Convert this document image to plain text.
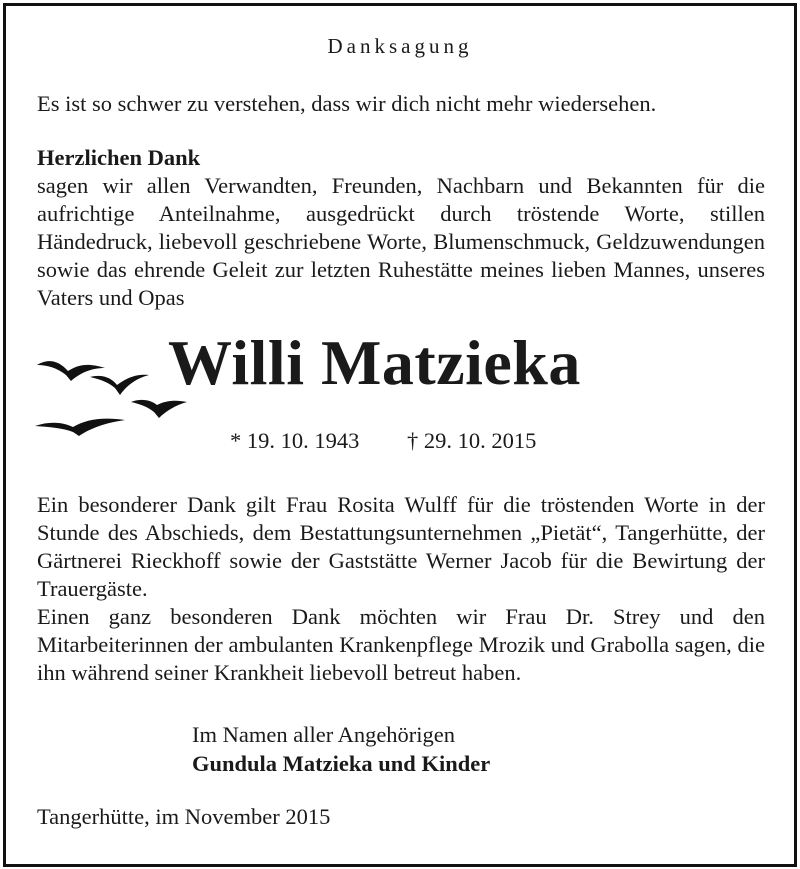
Danksagung
Es ist so schwer zu verstehen, dass wir dich nicht mehr wiedersehen.
Herzlichen Dank
sagen wir allen Verwandten, Freunden, Nachbarn und Bekannten für die aufrichtige Anteilnahme, ausgedrückt durch tröstende Worte, stillen Händedruck, liebevoll geschriebene Worte, Blumenschmuck, Geldzuwendungen sowie das ehrende Geleit zur letzten Ruhestätte meines lieben Mannes, unseres Vaters und Opas
Willi Matzieka
* 19. 10. 1943 † 29. 10. 2015
Ein besonderer Dank gilt Frau Rosita Wulff für die tröstenden Worte in der Stunde des Abschieds, dem Bestattungsunternehmen „Pietät“, Tangerhütte, der Gärtnerei Rieckhoff sowie der Gaststätte Werner Jacob für die Bewirtung der Trauergäste.
Einen ganz besonderen Dank möchten wir Frau Dr. Strey und den Mitarbeiterinnen der ambulanten Krankenpflege Mrozik und Grabolla sagen, die ihn während seiner Krankheit liebevoll betreut haben.
Im Namen aller Angehörigen
Gundula Matzieka und Kinder
Tangerhütte, im November 2015
